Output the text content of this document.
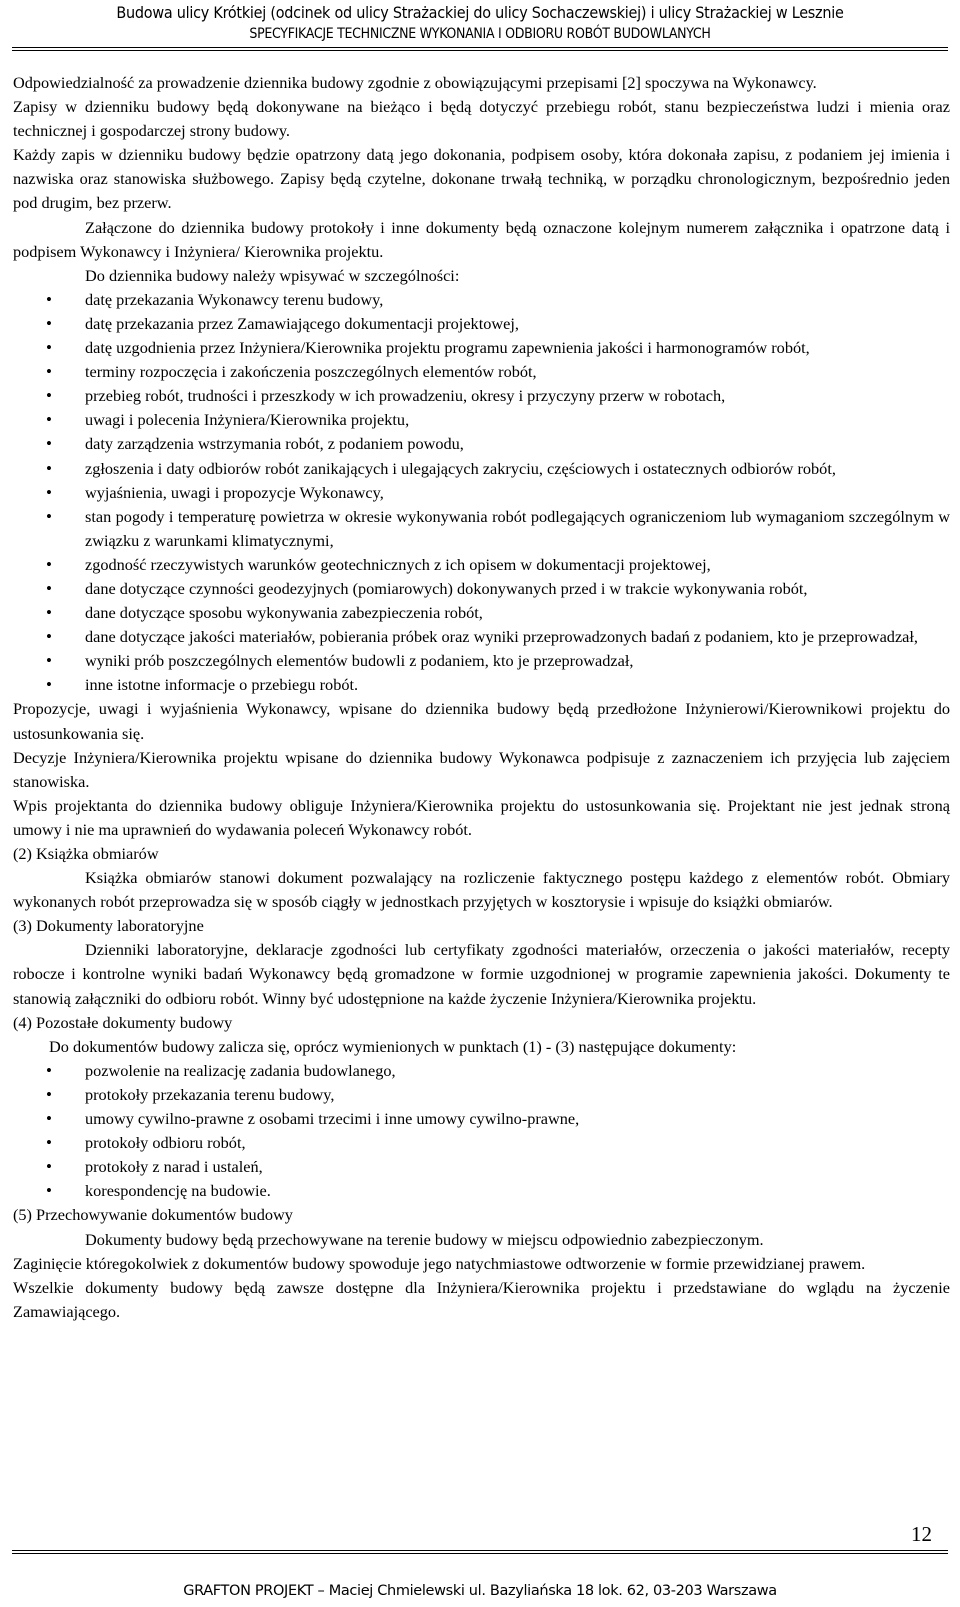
Budowa ulicy Krótkiej (odcinek od ulicy Strażackiej do ulicy Sochaczewskiej) i ulicy Strażackiej w Lesznie
SPECYFIKACJE TECHNICZNE WYKONANIA I ODBIORU ROBÓT BUDOWLANYCH

Odpowiedzialność za prowadzenie dziennika budowy zgodnie z obowiązującymi przepisami [2] spoczywa na Wykonawcy.

Zapisy w dzienniku budowy będą dokonywane na bieżąco i będą dotyczyć przebiegu robót, stanu bezpieczeństwa ludzi i mienia oraz technicznej i gospodarczej strony budowy.

Każdy zapis w dzienniku budowy będzie opatrzony datą jego dokonania, podpisem osoby, która dokonała zapisu, z podaniem jej imienia i nazwiska oraz stanowiska służbowego. Zapisy będą czytelne, dokonane trwałą techniką, w porządku chronologicznym, bezpośrednio jeden pod drugim, bez przerw.

Załączone do dziennika budowy protokoły i inne dokumenty będą oznaczone kolejnym numerem załącznika i opatrzone datą i podpisem Wykonawcy i Inżyniera/ Kierownika projektu.

Do dziennika budowy należy wpisywać w szczególności:

• datę przekazania Wykonawcy terenu budowy,
• datę przekazania przez Zamawiającego dokumentacji projektowej,
• datę uzgodnienia przez Inżyniera/Kierownika projektu programu zapewnienia jakości i harmonogramów robót,
• terminy rozpoczęcia i zakończenia poszczególnych elementów robót,
• przebieg robót, trudności i przeszkody w ich prowadzeniu, okresy i przyczyny przerw w robotach,
• uwagi i polecenia Inżyniera/Kierownika projektu,
• daty zarządzenia wstrzymania robót, z podaniem powodu,
• zgłoszenia i daty odbiorów robót zanikających i ulegających zakryciu, częściowych i ostatecznych odbiorów robót,
• wyjaśnienia, uwagi i propozycje Wykonawcy,
• stan pogody i temperaturę powietrza w okresie wykonywania robót podlegających ograniczeniom lub wymaganiom szczególnym w związku z warunkami klimatycznymi,
• zgodność rzeczywistych warunków geotechnicznych z ich opisem w dokumentacji projektowej,
• dane dotyczące czynności geodezyjnych (pomiarowych) dokonywanych przed i w trakcie wykonywania robót,
• dane dotyczące sposobu wykonywania zabezpieczenia robót,
• dane dotyczące jakości materiałów, pobierania próbek oraz wyniki przeprowadzonych badań z podaniem, kto je przeprowadzał,
• wyniki prób poszczególnych elementów budowli z podaniem, kto je przeprowadzał,
• inne istotne informacje o przebiegu robót.

Propozycje, uwagi i wyjaśnienia Wykonawcy, wpisane do dziennika budowy będą przedłożone Inżynierowi/Kierownikowi projektu do ustosunkowania się.

Decyzje Inżyniera/Kierownika projektu wpisane do dziennika budowy Wykonawca podpisuje z zaznaczeniem ich przyjęcia lub zajęciem stanowiska.

Wpis projektanta do dziennika budowy obliguje Inżyniera/Kierownika projektu do ustosunkowania się. Projektant nie jest jednak stroną umowy i nie ma uprawnień do wydawania poleceń Wykonawcy robót.

(2) Książka obmiarów

Książka obmiarów stanowi dokument pozwalający na rozliczenie faktycznego postępu każdego z elementów robót. Obmiary wykonanych robót przeprowadza się w sposób ciągły w jednostkach przyjętych w kosztorysie i wpisuje do książki obmiarów.

(3) Dokumenty laboratoryjne

Dzienniki laboratoryjne, deklaracje zgodności lub certyfikaty zgodności materiałów, orzeczenia o jakości materiałów, recepty robocze i kontrolne wyniki badań Wykonawcy będą gromadzone w formie uzgodnionej w programie zapewnienia jakości. Dokumenty te stanowią załączniki do odbioru robót. Winny być udostępnione na każde życzenie Inżyniera/Kierownika projektu.

(4) Pozostałe dokumenty budowy

Do dokumentów budowy zalicza się, oprócz wymienionych w punktach (1) - (3) następujące dokumenty:

• pozwolenie na realizację zadania budowlanego,
• protokoły przekazania terenu budowy,
• umowy cywilno-prawne z osobami trzecimi i inne umowy cywilno-prawne,
• protokoły odbioru robót,
• protokoły z narad i ustaleń,
• korespondencję na budowie.

(5) Przechowywanie dokumentów budowy

Dokumenty budowy będą przechowywane na terenie budowy w miejscu odpowiednio zabezpieczonym.

Zaginięcie któregokolwiek z dokumentów budowy spowoduje jego natychmiastowe odtworzenie w formie przewidzianej prawem.

Wszelkie dokumenty budowy będą zawsze dostępne dla Inżyniera/Kierownika projektu i przedstawiane do wglądu na życzenie Zamawiającego.

12
GRAFTON PROJEKT – Maciej Chmielewski ul. Bazyliańska 18 lok. 62, 03-203 Warszawa
